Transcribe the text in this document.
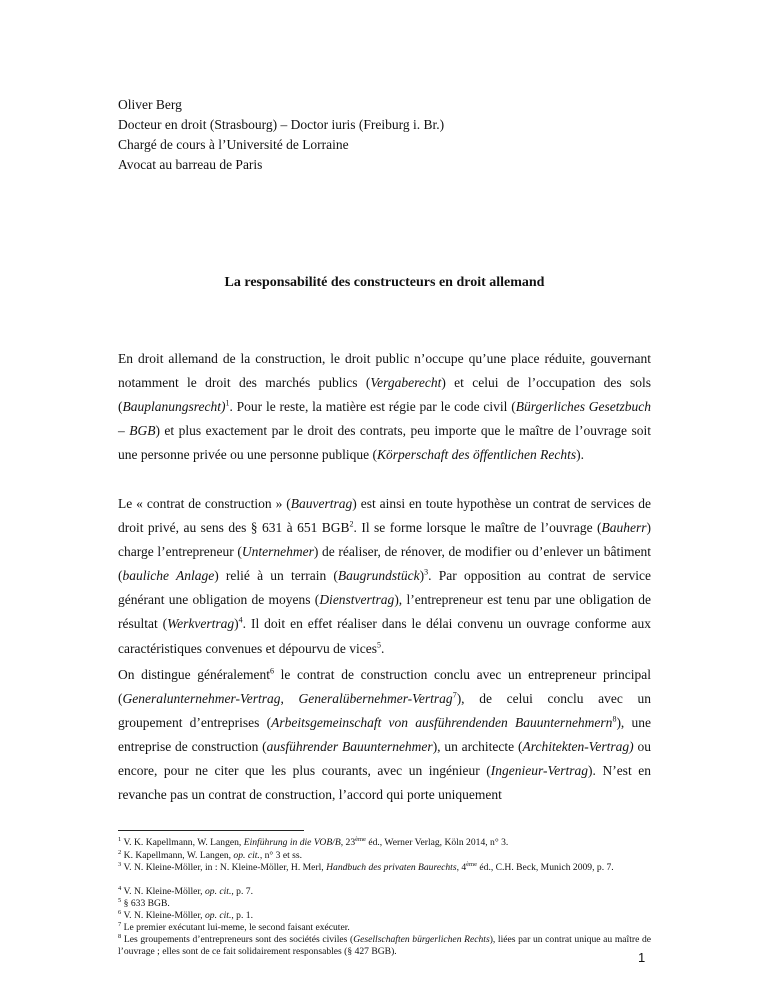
Oliver Berg
Docteur en droit (Strasbourg) – Doctor iuris (Freiburg i. Br.)
Chargé de cours à l’Université de Lorraine
Avocat au barreau de Paris
La responsabilité des constructeurs en droit allemand

En droit allemand de la construction, le droit public n’occupe qu’une place réduite, gouvernant notamment le droit des marchés publics (Vergaberecht) et celui de l’occupation des sols (Bauplanungsrecht)$^1$. Pour le reste, la matière est régie par le code civil (Bürgerliches Gesetzbuch – BGB) et plus exactement par le droit des contrats, peu importe que le maître de l’ouvrage soit une personne privée ou une personne publique (Körperschaft des öffentlichen Rechts).

Le « contrat de construction » (Bauvertrag) est ainsi en toute hypothèse un contrat de services de droit privé, au sens des § 631 à 651 BGB$^2$. Il se forme lorsque le maître de l’ouvrage (Bauherr) charge l’entrepreneur (Unternehmer) de réaliser, de rénover, de modifier ou d’enlever un bâtiment (bauliche Anlage) relié à un terrain (Baugrundstück)$^3$. Par opposition au contrat de service générant une obligation de moyens (Dienstvertrag), l’entrepreneur est tenu par une obligation de résultat (Werkvertrag)$^4$. Il doit en effet réaliser dans le délai convenu un ouvrage conforme aux caractéristiques convenues et dépourvu de vices$^5$.

On distingue généralement$^6$ le contrat de construction conclu avec un entrepreneur principal (Generalunternehmer-Vertrag, Generalübernehmer-Vertrag$^7$), de celui conclu avec un groupement d’entreprises (Arbeitsgemeinschaft von ausführendenden Bauunternehmern$^8$), une entreprise de construction (ausführender Bauunternehmer), un architecte (Architekten-Vertrag) ou encore, pour ne citer que les plus courants, avec un ingénieur (Ingenieur-Vertrag). N’est en revanche pas un contrat de construction, l’accord qui porte uniquement

$^1$ V. K. Kapellmann, W. Langen, Einführung in die VOB/B, 23ème éd., Werner Verlag, Köln 2014, n° 3.

$^2$ K. Kapellmann, W. Langen, op. cit., n° 3 et ss.

$^3$ V. N. Kleine-Möller, in : N. Kleine-Möller, H. Merl, Handbuch des privaten Baurechts, 4ème éd., C.H. Beck, Munich 2009, p. 7.

$^4$ V. N. Kleine-Möller, op. cit., p. 7.

$^5$ § 633 BGB.

$^6$ V. N. Kleine-Möller, op. cit., p. 1.

$^7$ Le premier exécutant lui-meme, le second faisant exécuter.

$^8$ Les groupements d’entrepreneurs sont des sociétés civiles (Gesellschaften bürgerlichen Rechts), liées par un contrat unique au maître de l’ouvrage ; elles sont de ce fait solidairement responsables (§ 427 BGB).	1
